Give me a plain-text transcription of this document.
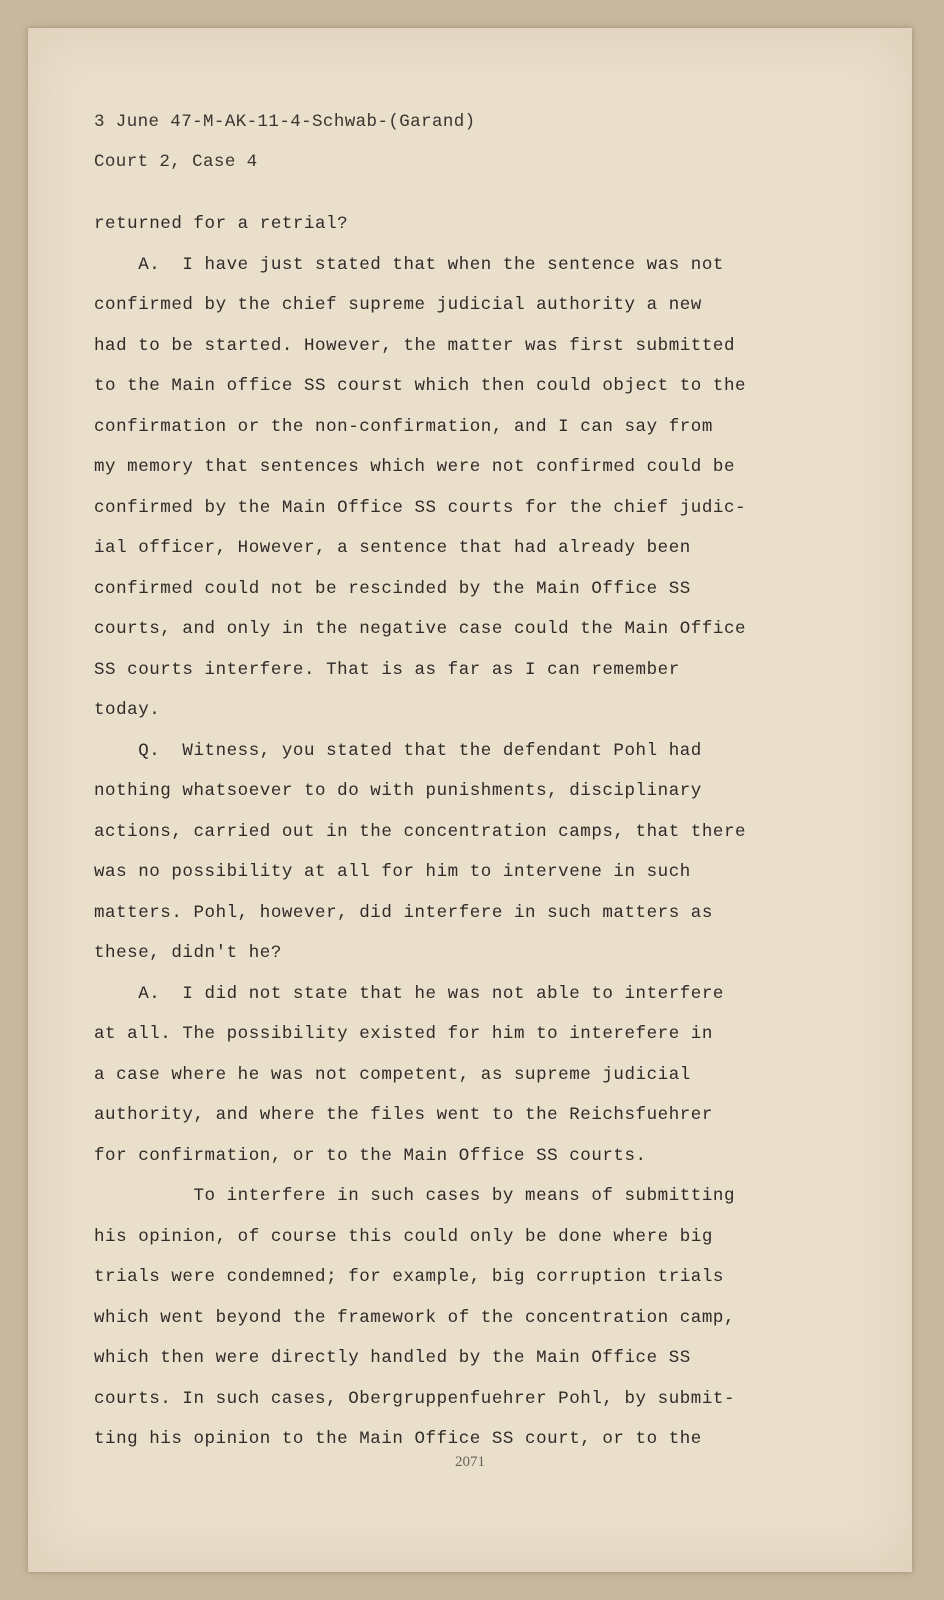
3 June 47-M-AK-11-4-Schwab-(Garand)
Court 2, Case 4
returned for a retrial?
A.  I have just stated that when the sentence was not
confirmed by the chief supreme judicial authority a new
had to be started. However, the matter was first submitted
to the Main office SS courst which then could object to the
confirmation or the non-confirmation, and I can say from
my memory that sentences which were not confirmed could be
confirmed by the Main Office SS courts for the chief judic-
ial officer, However, a sentence that had already been
confirmed could not be rescinded by the Main Office SS
courts, and only in the negative case could the Main Office
SS courts interfere. That is as far as I can remember
today.
Q.  Witness, you stated that the defendant Pohl had
nothing whatsoever to do with punishments, disciplinary
actions, carried out in the concentration camps, that there
was no possibility at all for him to intervene in such
matters. Pohl, however, did interfere in such matters as
these, didn't he?
A.  I did not state that he was not able to interfere
at all. The possibility existed for him to interefere in
a case where he was not competent, as supreme judicial
authority, and where the files went to the Reichsfuehrer
for confirmation, or to the Main Office SS courts.
To interfere in such cases by means of submitting
his opinion, of course this could only be done where big
trials were condemned; for example, big corruption trials
which went beyond the framework of the concentration camp,
which then were directly handled by the Main Office SS
courts. In such cases, Obergruppenfuehrer Pohl, by submit-
ting his opinion to the Main Office SS court, or to the
2071
